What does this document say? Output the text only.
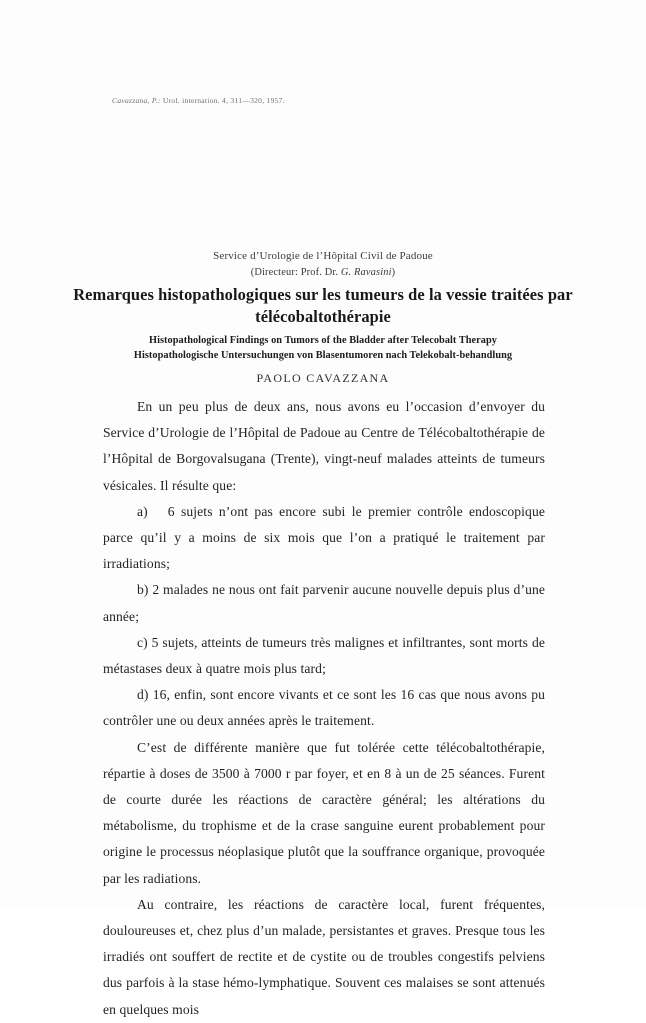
Cavazzana, P.: Urol. internation. 4, 311—320, 1957.
Service d’Urologie de l’Hôpital Civil de Padoue
(Directeur: Prof. Dr. G. Ravasini)
Remarques histopathologiques sur les tumeurs de la vessie traitées par télécobaltothérapie
Histopathological Findings on Tumors of the Bladder after Telecobalt Therapy
Histopathologische Untersuchungen von Blasentumoren nach Telekobalt-behandlung
PAOLO CAVAZZANA

En un peu plus de deux ans, nous avons eu l’occasion d’envoyer du Service d’Urologie de l’Hôpital de Padoue au Centre de Télécobaltothérapie de l’Hôpital de Borgovalsugana (Trente), vingt-neuf malades atteints de tumeurs vésicales. Il résulte que:

a)  6 sujets n’ont pas encore subi le premier contrôle endoscopique parce qu’il y a moins de six mois que l’on a pratiqué le traitement par irradiations;

b) 2 malades ne nous ont fait parvenir aucune nouvelle depuis plus d’une année;

c) 5 sujets, atteints de tumeurs très malignes et infiltrantes, sont morts de métastases deux à quatre mois plus tard;

d) 16, enfin, sont encore vivants et ce sont les 16 cas que nous avons pu contrôler une ou deux années après le traitement.

C’est de différente manière que fut tolérée cette télécobaltothérapie, répartie à doses de 3500 à 7000 r par foyer, et en 8 à un de 25 séances. Furent de courte durée les réactions de caractère général; les altérations du métabolisme, du trophisme et de la crase sanguine eurent probablement pour origine le processus néoplasique plutôt que la souffrance organique, provoquée par les radiations.

Au contraire, les réactions de caractère local, furent fréquentes, douloureuses et, chez plus d’un malade, persistantes et graves. Presque tous les irradiés ont souffert de rectite et de cystite ou de troubles congestifs pelviens dus parfois à la stase hémo-lymphatique. Souvent ces malaises se sont attenués en quelques mois
